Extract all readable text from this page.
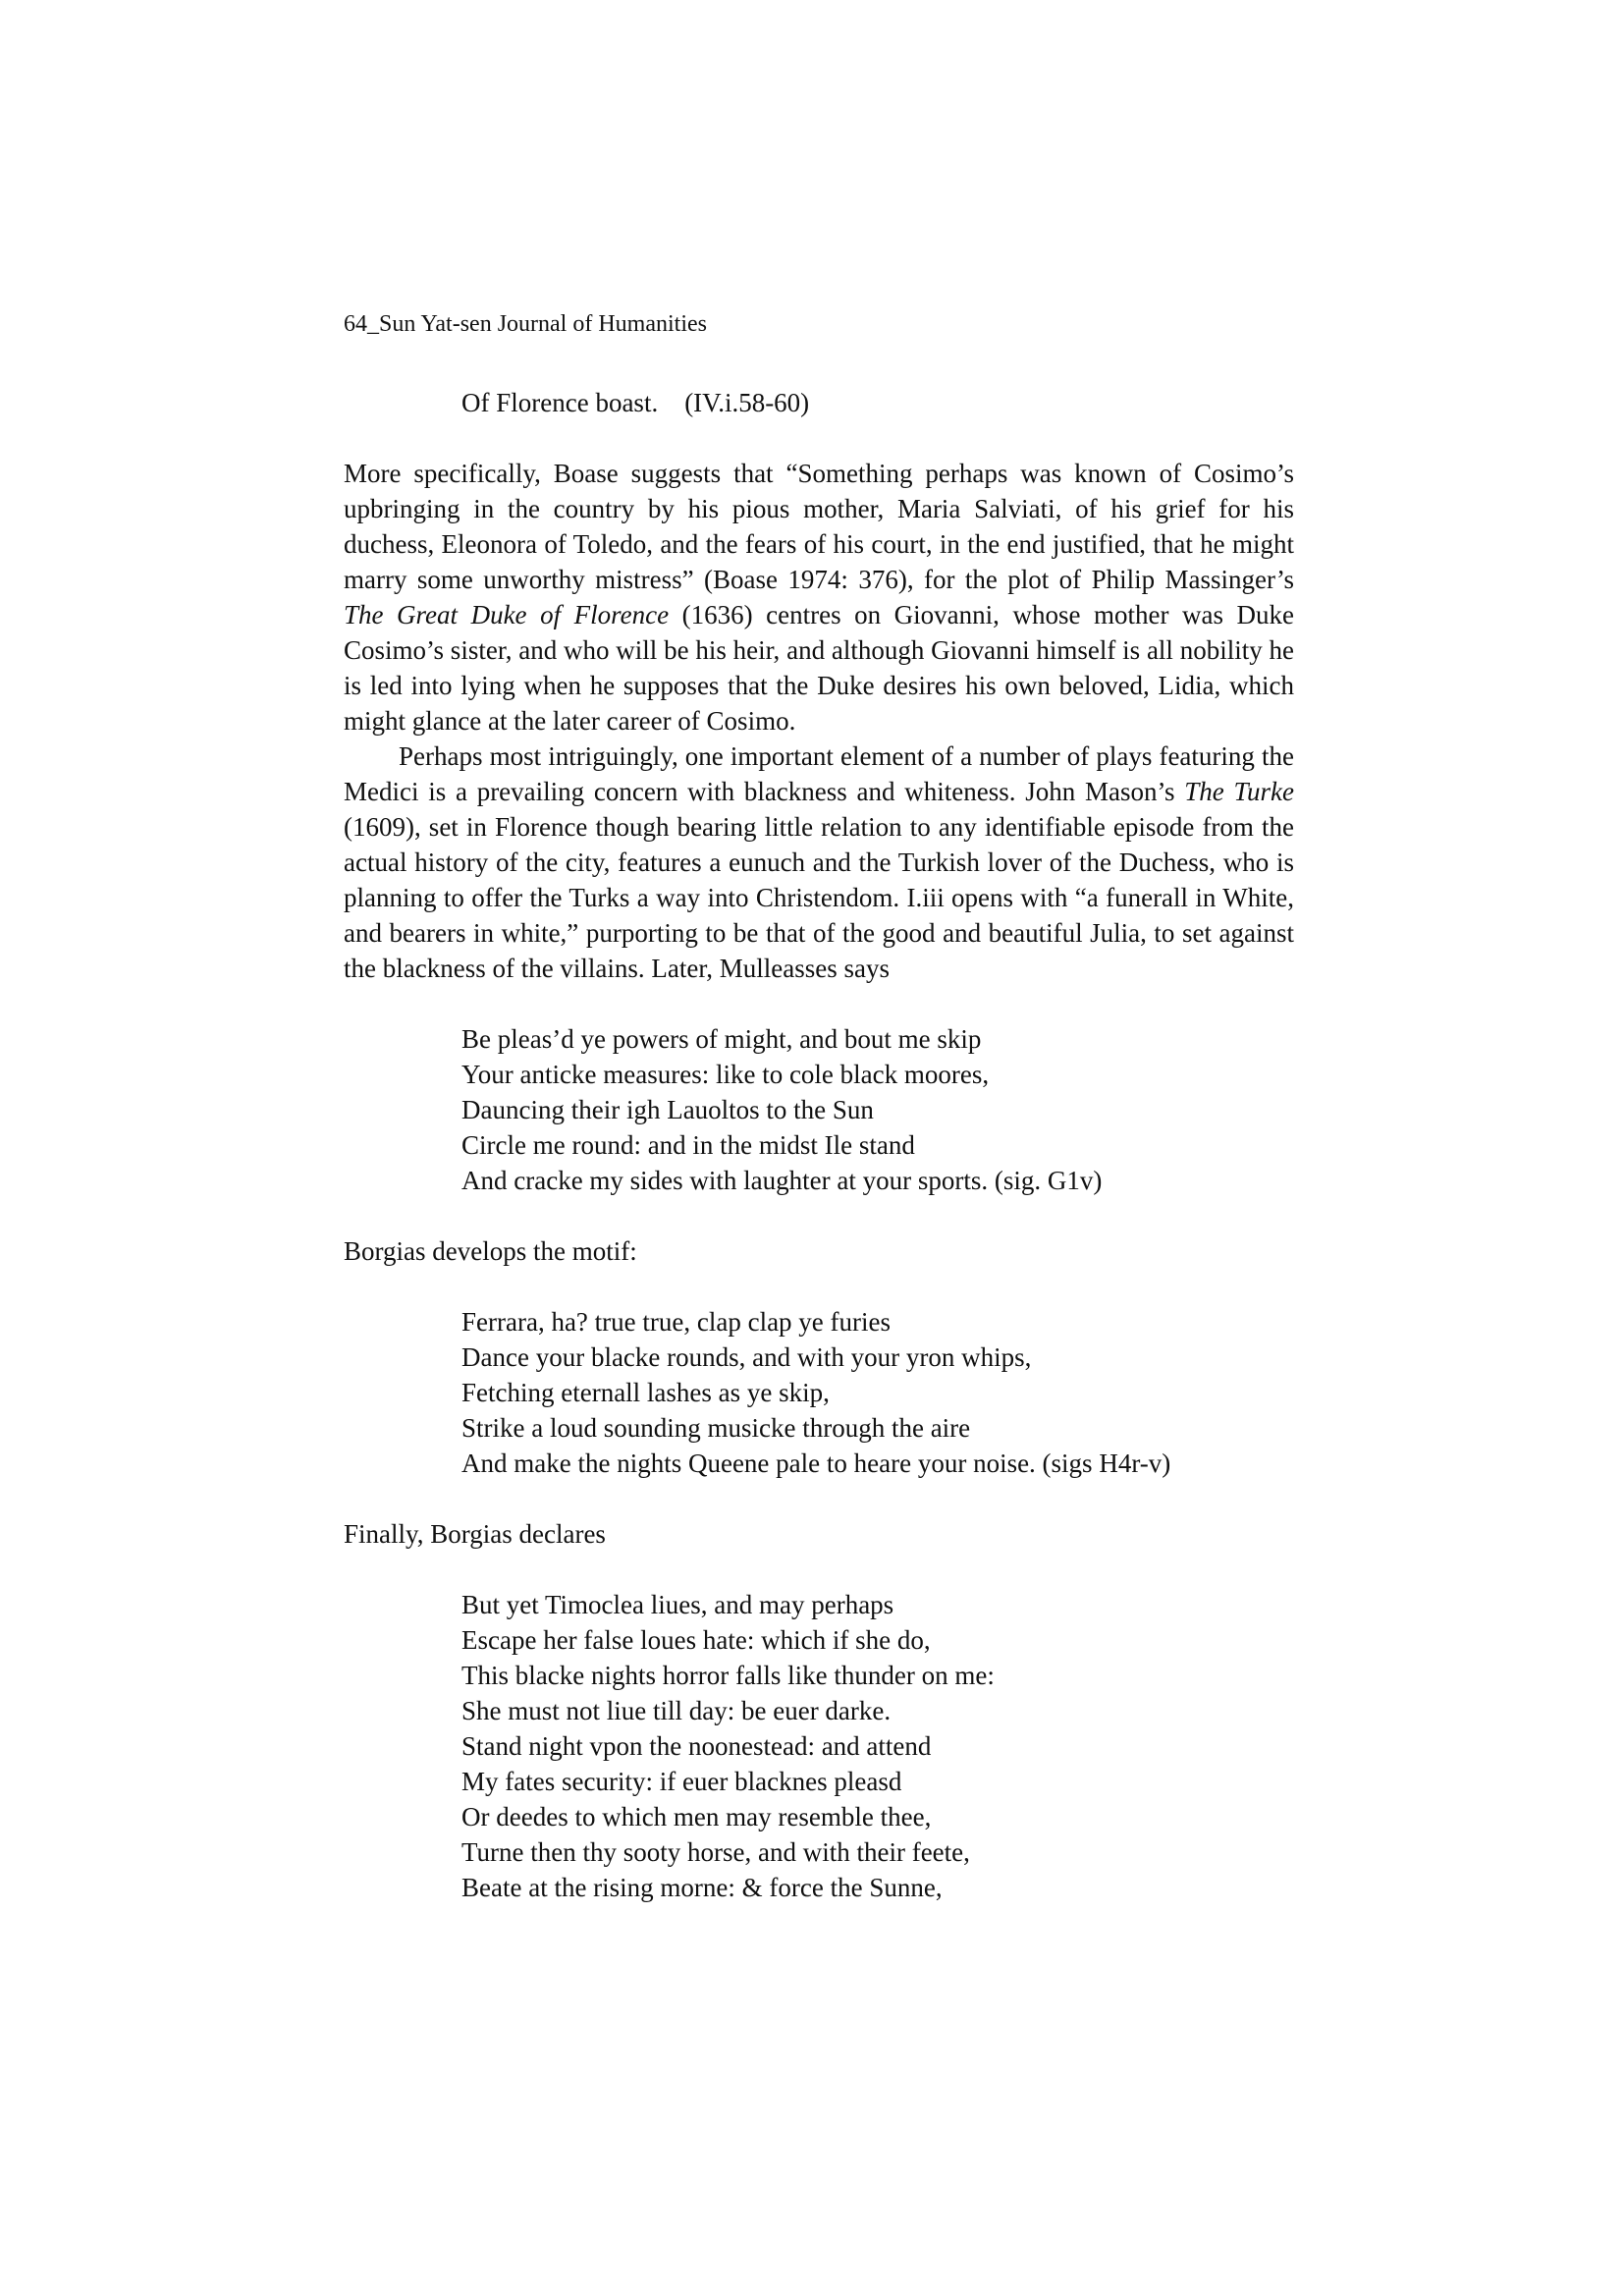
64_Sun Yat-sen Journal of Humanities
Of Florence boast.    (IV.i.58-60)

More specifically, Boase suggests that “Something perhaps was known of Cosimo’s upbringing in the country by his pious mother, Maria Salviati, of his grief for his duchess, Eleonora of Toledo, and the fears of his court, in the end justified, that he might marry some unworthy mistress” (Boase 1974: 376), for the plot of Philip Massinger’s The Great Duke of Florence (1636) centres on Giovanni, whose mother was Duke Cosimo’s sister, and who will be his heir, and although Giovanni himself is all nobility he is led into lying when he supposes that the Duke desires his own beloved, Lidia, which might glance at the later career of Cosimo.

Perhaps most intriguingly, one important element of a number of plays featuring the Medici is a prevailing concern with blackness and whiteness. John Mason’s The Turke (1609), set in Florence though bearing little relation to any identifiable episode from the actual history of the city, features a eunuch and the Turkish lover of the Duchess, who is planning to offer the Turks a way into Christendom. I.iii opens with “a funerall in White, and bearers in white,” purporting to be that of the good and beautiful Julia, to set against the blackness of the villains. Later, Mulleasses says

Be pleas’d ye powers of might, and bout me skip
Your anticke measures: like to cole black moores,
Dauncing their igh Lauoltos to the Sun
Circle me round: and in the midst Ile stand
And cracke my sides with laughter at your sports. (sig. G1v)

Borgias develops the motif:

Ferrara, ha? true true, clap clap ye furies
Dance your blacke rounds, and with your yron whips,
Fetching eternall lashes as ye skip,
Strike a loud sounding musicke through the aire
And make the nights Queene pale to heare your noise. (sigs H4r-v)

Finally, Borgias declares

But yet Timoclea liues, and may perhaps
Escape her false loues hate: which if she do,
This blacke nights horror falls like thunder on me:
She must not liue till day: be euer darke.
Stand night vpon the noonestead: and attend
My fates security: if euer blacknes pleasd
Or deedes to which men may resemble thee,
Turne then thy sooty horse, and with their feete,
Beate at the rising morne: & force the Sunne,
